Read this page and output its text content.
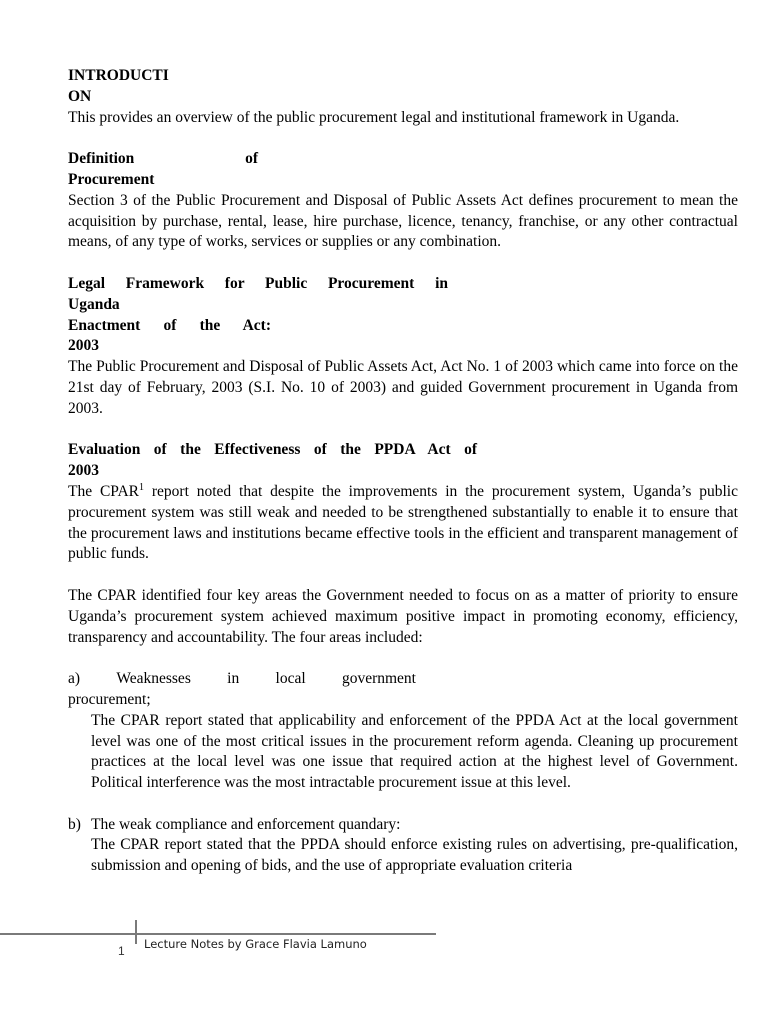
INTRODUCTI
ON

This provides an overview of the public procurement legal and institutional framework in Uganda.

Definition	of
Procurement

Section 3 of the Public Procurement and Disposal of Public Assets Act defines procurement to mean the acquisition by purchase, rental, lease, hire purchase, licence, tenancy, franchise, or any other contractual means, of any type of works, services or supplies or any combination.

Legal Framework for Public Procurement in
Uganda

Enactment of the Act:
2003

The Public Procurement and Disposal of Public Assets Act, Act No. 1 of 2003 which came into force on the 21st day of February, 2003 (S.I. No. 10 of 2003) and guided Government procurement in Uganda from 2003.

Evaluation of the Effectiveness of the PPDA Act of
2003

The CPAR$^1$ report noted that despite the improvements in the procurement system, Uganda’s public procurement system was still weak and needed to be strengthened substantially to enable it to ensure that the procurement laws and institutions became effective tools in the efficient and transparent management of public funds.

The CPAR identified four key areas the Government needed to focus on as a matter of priority to ensure Uganda’s procurement system achieved maximum positive impact in promoting economy, efficiency, transparency and accountability. The four areas included:

a) Weaknesses in local government
procurement;

The CPAR report stated that applicability and enforcement of the PPDA Act at the local government level was one of the most critical issues in the procurement reform agenda. Cleaning up procurement practices at the local level was one issue that required action at the highest level of Government. Political interference was the most intractable procurement issue at this level.

b) The weak compliance and enforcement quandary:

The CPAR report stated that the PPDA should enforce existing rules on advertising, pre-qualification, submission and opening of bids, and the use of appropriate evaluation criteria

1 Lecture Notes by Grace Flavia Lamuno
